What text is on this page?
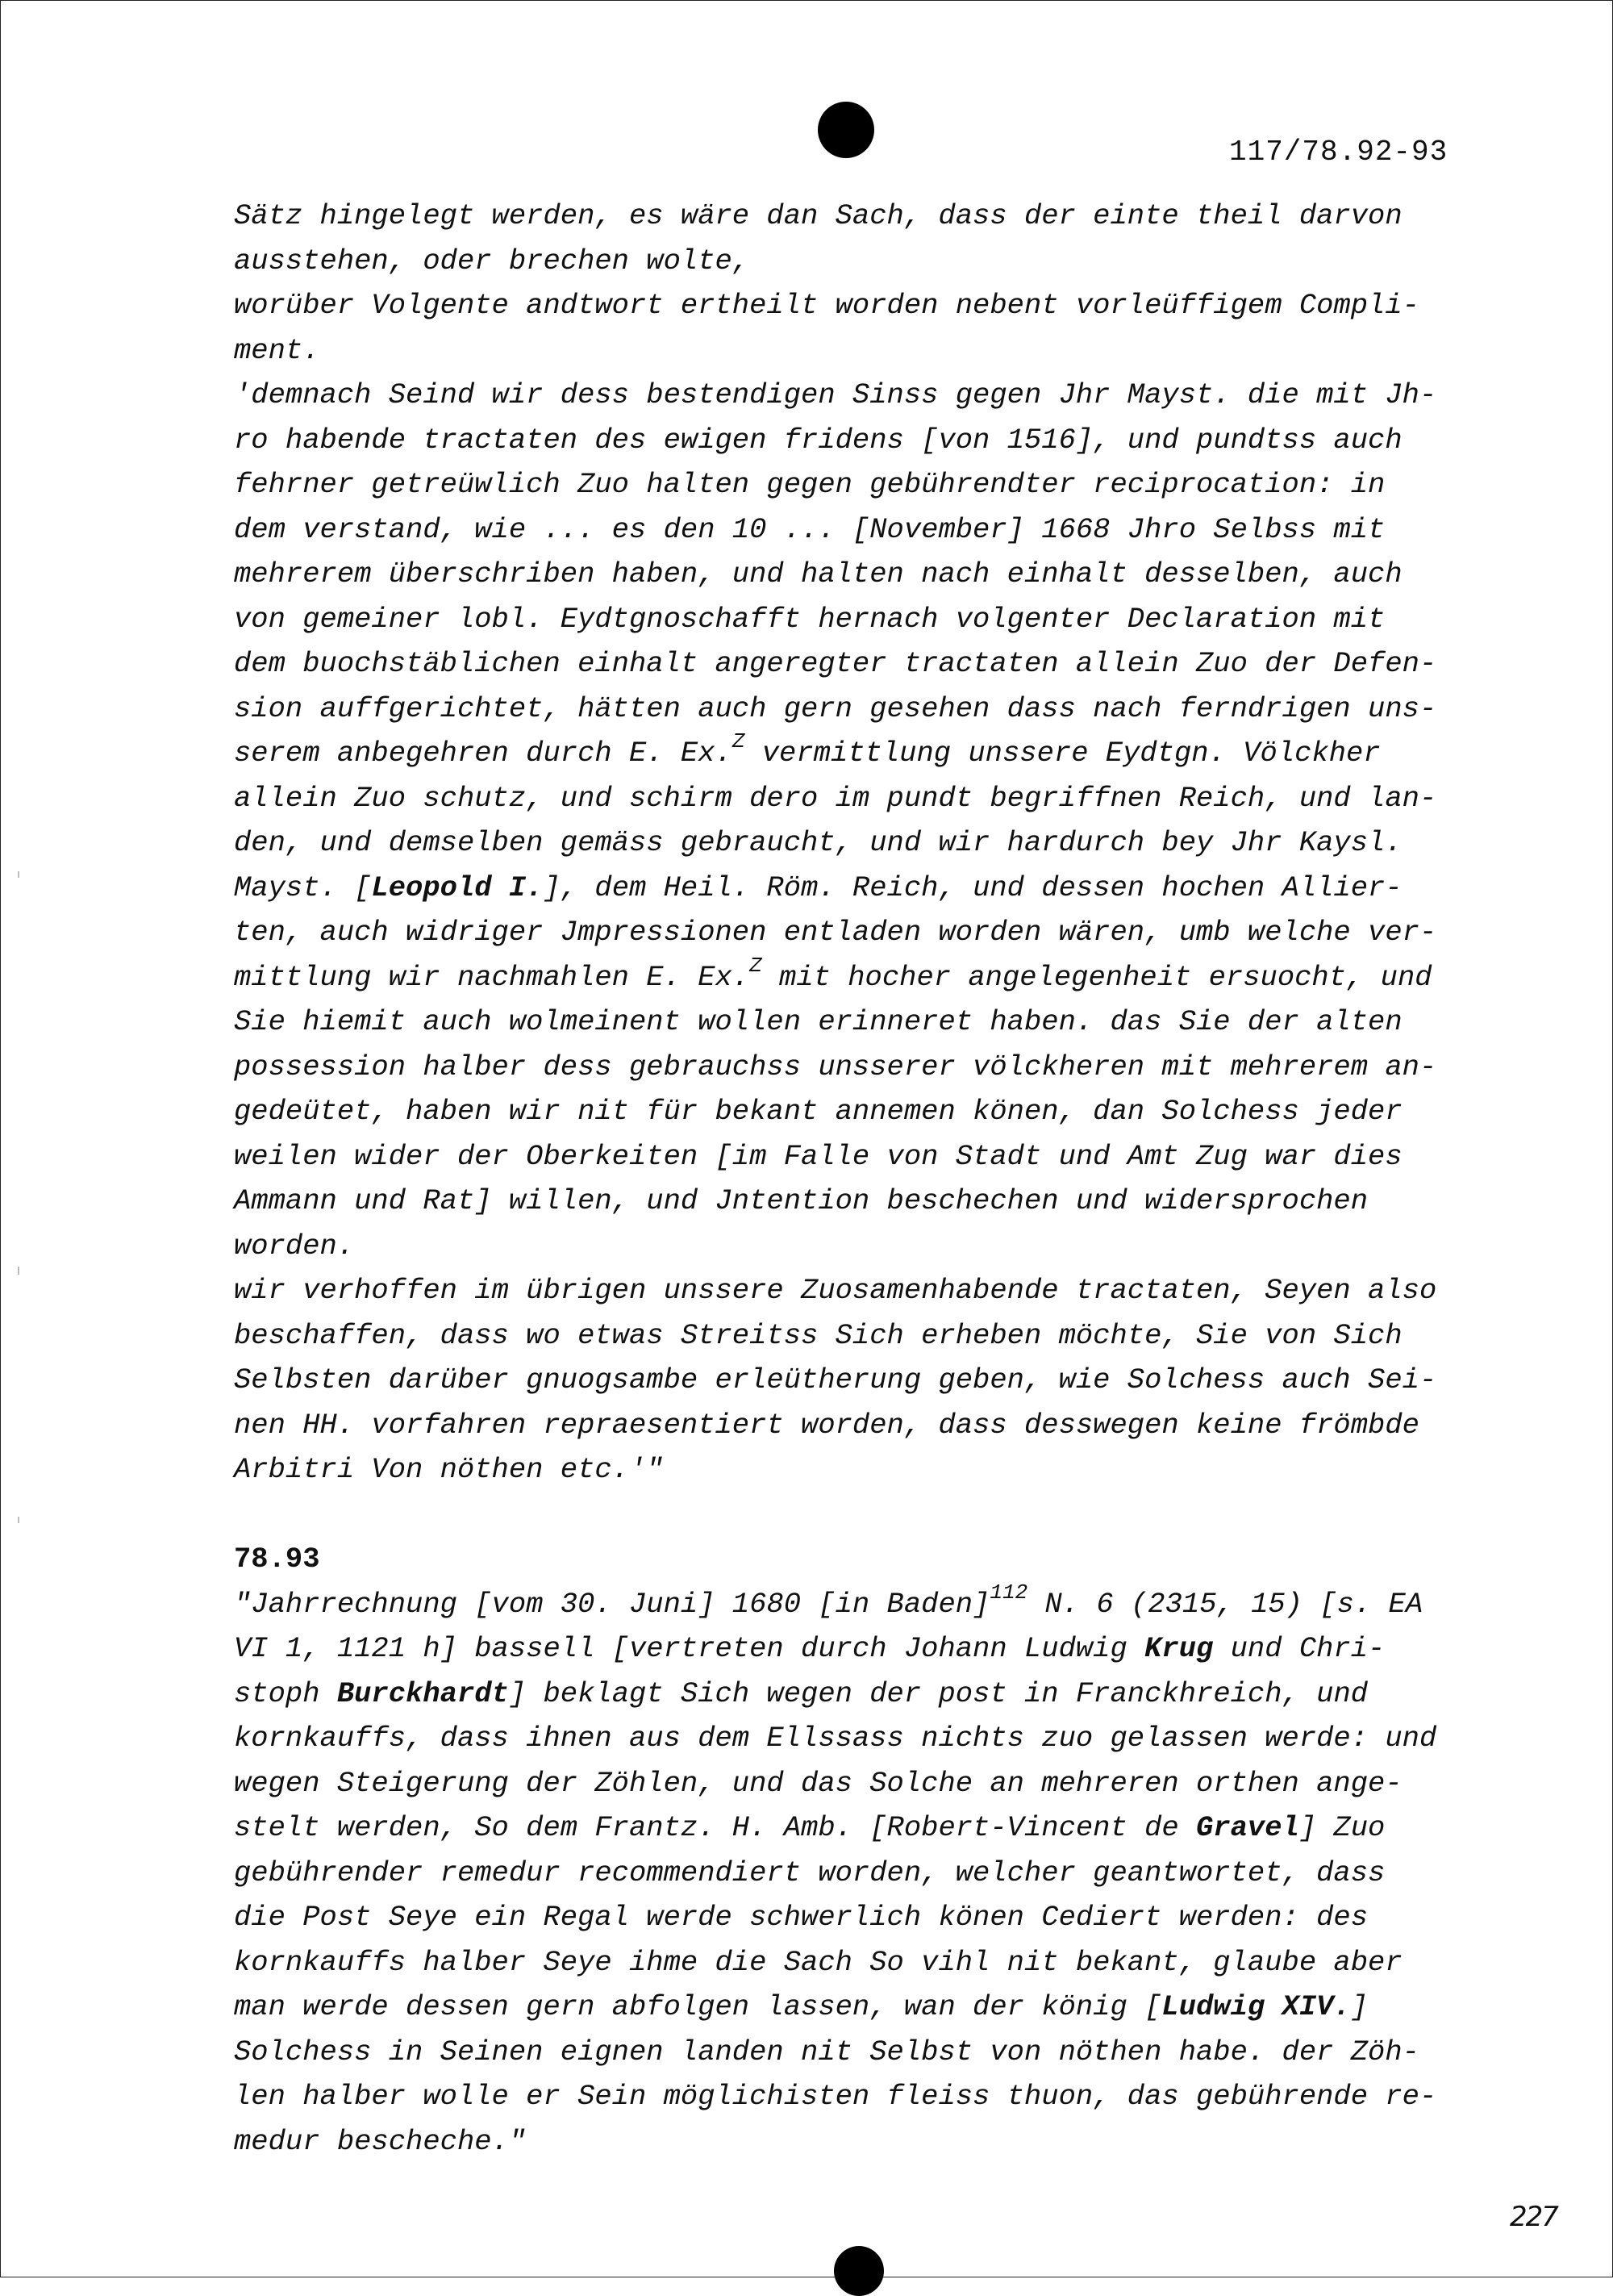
117/78.92-93
Sätz hingelegt werden, es wäre dan Sach, dass der einte theil darvon
ausstehen, oder brechen wolte,
worüber Volgente andtwort ertheilt worden nebent vorleüffigem Compli-
ment.
'demnach Seind wir dess bestendigen Sinss gegen Jhr Mayst. die mit Jh-
ro habende tractaten des ewigen fridens [von 1516], und pundtss auch
fehrner getreüwlich Zuo halten gegen gebührendter reciprocation: in
dem verstand, wie ... es den 10 ... [November] 1668 Jhro Selbss mit
mehrerem überschriben haben, und halten nach einhalt desselben, auch
von gemeiner lobl. Eydtgnoschafft hernach volgenter Declaration mit
dem buochstäblichen einhalt angeregter tractaten allein Zuo der Defen-
sion auffgerichtet, hätten auch gern gesehen dass nach ferndrigen uns-
serem anbegehren durch E. Ex.$^Z$ vermittlung unssere Eydtgn. Völckher
allein Zuo schutz, und schirm dero im pundt begriffnen Reich, und lan-
den, und demselben gemäss gebraucht, und wir hardurch bey Jhr Kaysl.
Mayst. [Leopold I.], dem Heil. Röm. Reich, und dessen hochen Allier-
ten, auch widriger Jmpressionen entladen worden wären, umb welche ver-
mittlung wir nachmahlen E. Ex.$^Z$ mit hocher angelegenheit ersuocht, und
Sie hiemit auch wolmeinent wollen erinneret haben. das Sie der alten
possession halber dess gebrauchss unsserer völckheren mit mehrerem an-
gedeütet, haben wir nit für bekant annemen könen, dan Solchess jeder
weilen wider der Oberkeiten [im Falle von Stadt und Amt Zug war dies
Ammann und Rat] willen, und Jntention beschechen und widersprochen
worden.
wir verhoffen im übrigen unssere Zuosamenhabende tractaten, Seyen also
beschaffen, dass wo etwas Streitss Sich erheben möchte, Sie von Sich
Selbsten darüber gnuogsambe erleütherung geben, wie Solchess auch Sei-
nen HH. vorfahren repraesentiert worden, dass desswegen keine frömbde
Arbitri Von nöthen etc.'"
78.93
"Jahrrechnung [vom 30. Juni] 1680 [in Baden]$^{112}$ N. 6 (2315, 15) [s. EA
VI 1, 1121 h] bassell [vertreten durch Johann Ludwig Krug und Chri-
stoph Burckhardt] beklagt Sich wegen der post in Franckhreich, und
kornkauffs, dass ihnen aus dem Ellssass nichts zuo gelassen werde: und
wegen Steigerung der Zöhlen, und das Solche an mehreren orthen ange-
stelt werden, So dem Frantz. H. Amb. [Robert-Vincent de Gravel] Zuo
gebührender remedur recommendiert worden, welcher geantwortet, dass
die Post Seye ein Regal werde schwerlich könen Cediert werden: des
kornkauffs halber Seye ihme die Sach So vihl nit bekant, glaube aber
man werde dessen gern abfolgen lassen, wan der könig [Ludwig XIV.]
Solchess in Seinen eignen landen nit Selbst von nöthen habe. der Zöh-
len halber wolle er Sein möglichisten fleiss thuon, das gebührende re-
medur bescheche."
227
